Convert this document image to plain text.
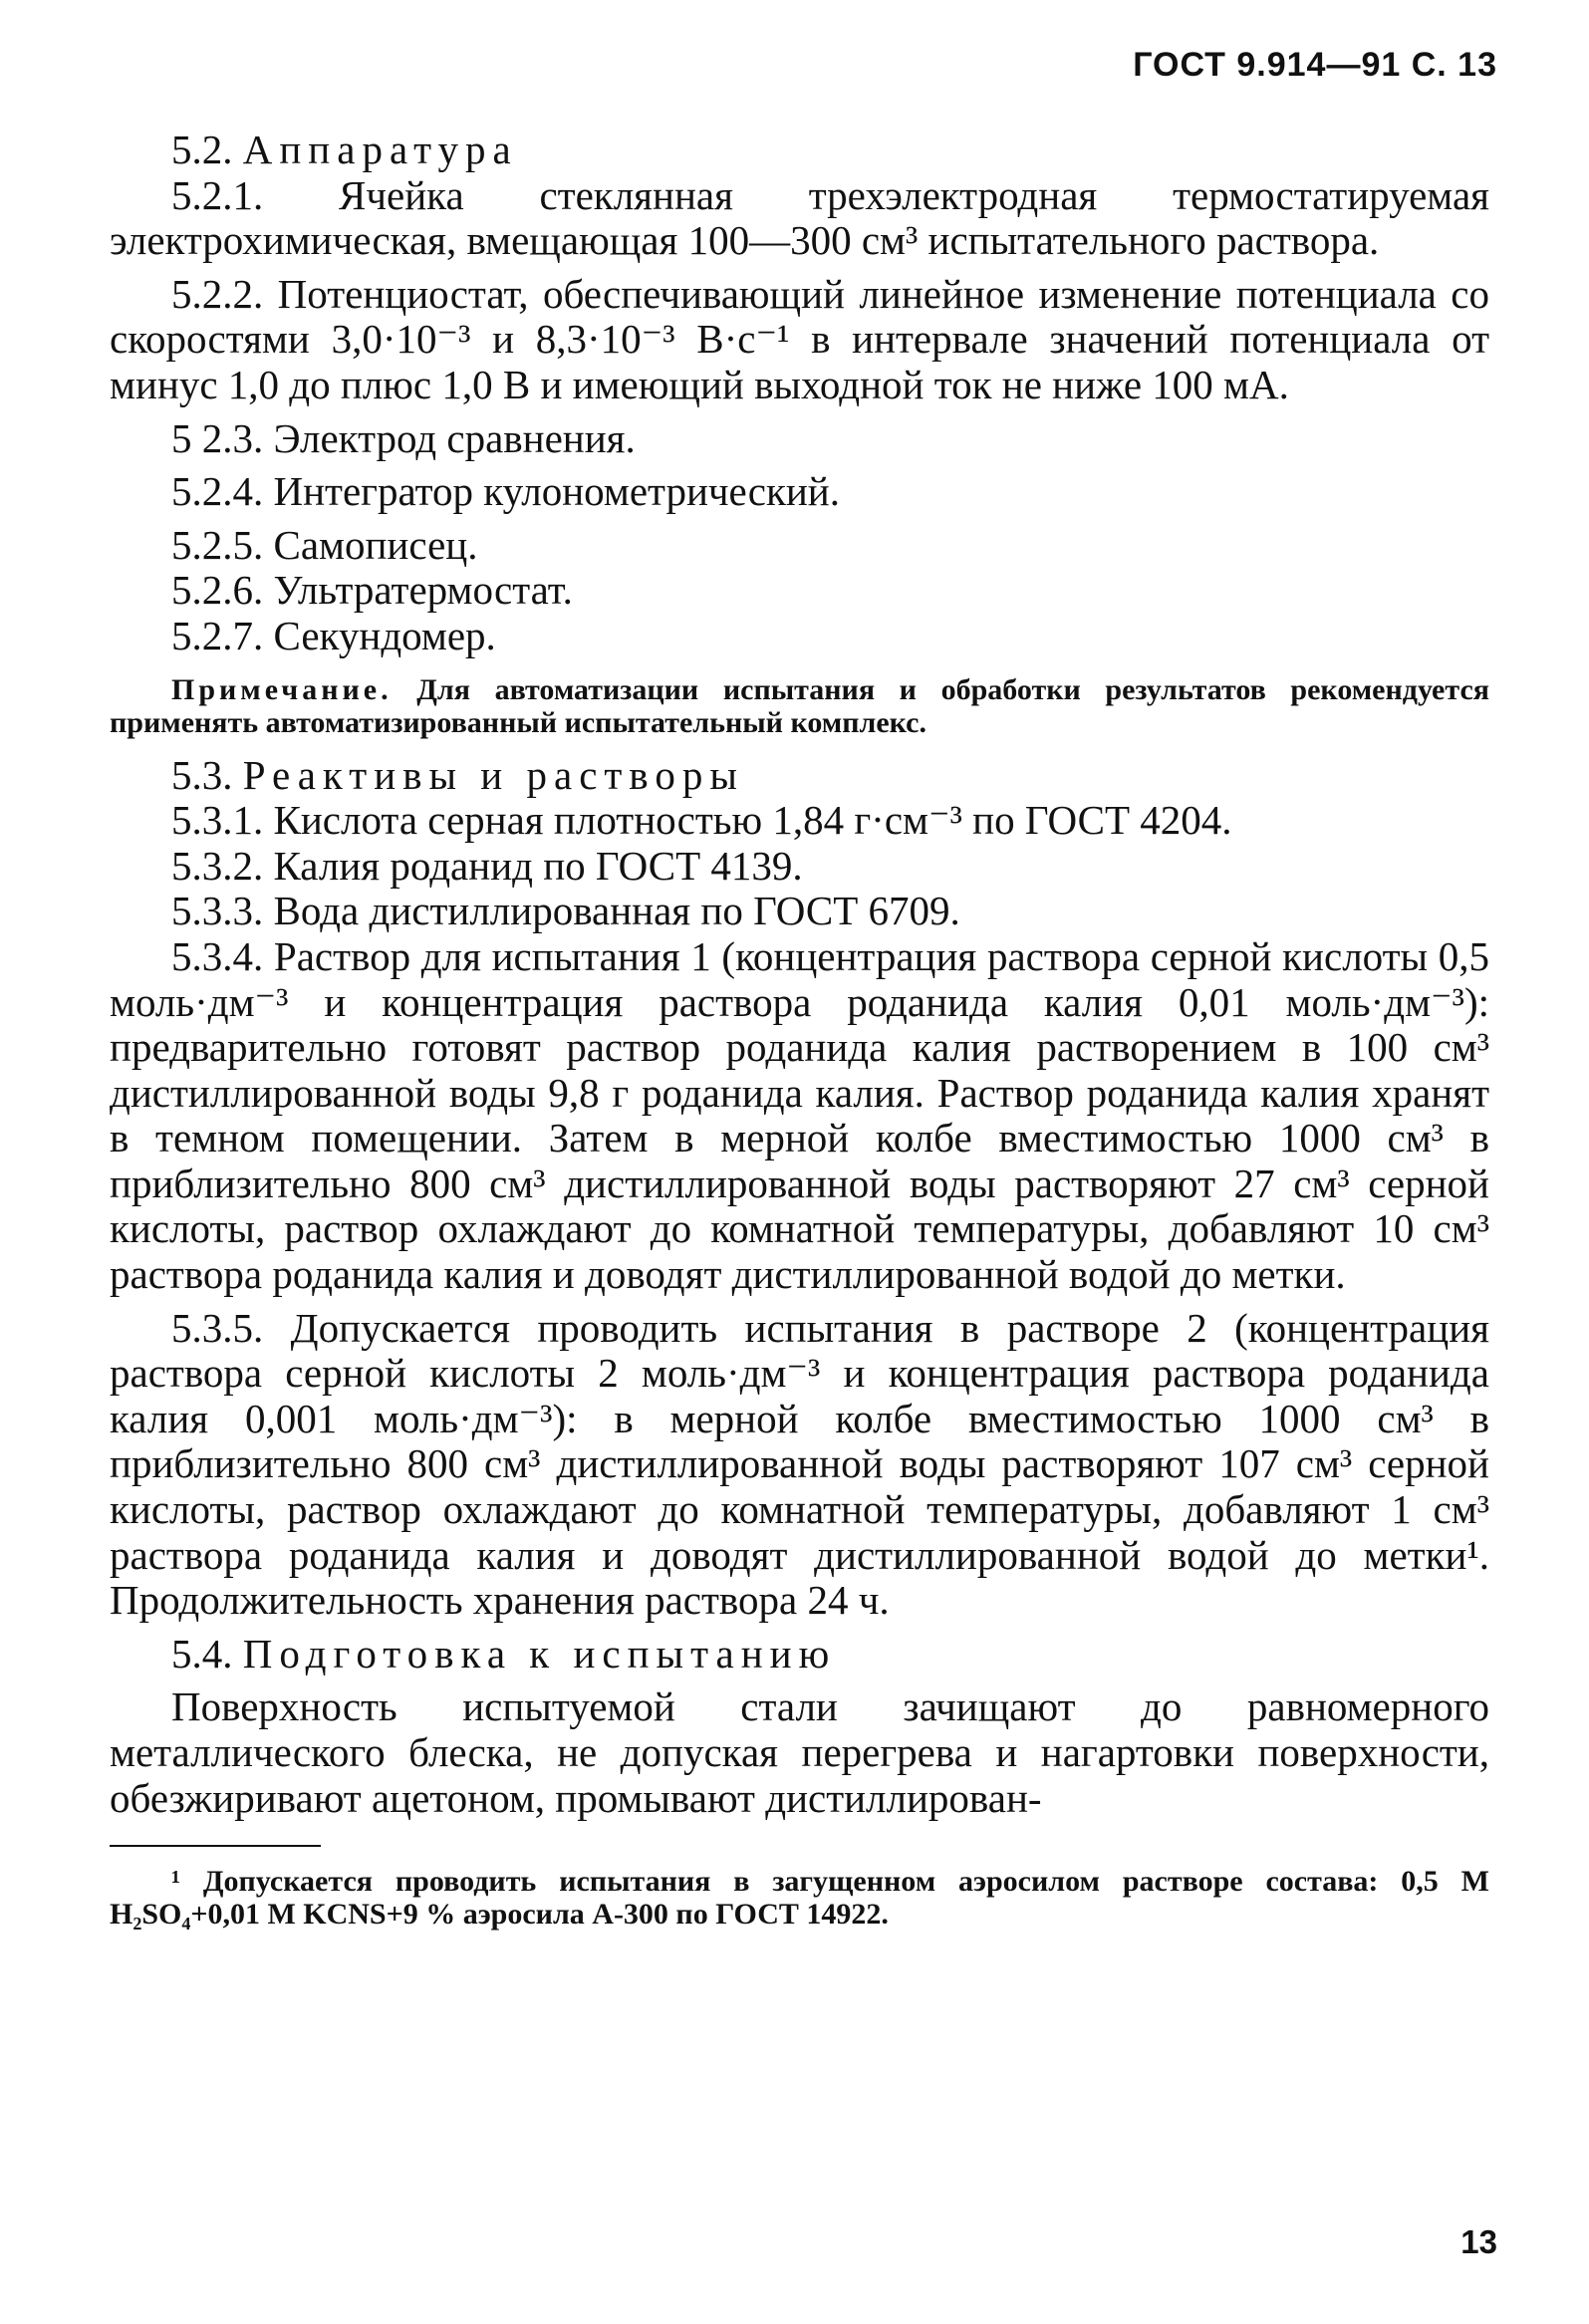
ГОСТ 9.914—91 С. 13

5.2. Аппаратура

5.2.1. Ячейка стеклянная трехэлектродная термостатируемая электрохимическая, вмещающая 100—300 см³ испытательного раствора.

5.2.2. Потенциостат, обеспечивающий линейное изменение потенциала со скоростями 3,0·10⁻³ и 8,3·10⁻³ В·с⁻¹ в интервале значений потенциала от минус 1,0 до плюс 1,0 В и имеющий выходной ток не ниже 100 мА.

5 2.3. Электрод сравнения.

5.2.4. Интегратор кулонометрический.

5.2.5. Самописец.

5.2.6. Ультратермостат.

5.2.7. Секундомер.

Примечание. Для автоматизации испытания и обработки результатов рекомендуется применять автоматизированный испытательный комплекс.

5.3. Реактивы и растворы

5.3.1. Кислота серная плотностью 1,84 г·см⁻³ по ГОСТ 4204.

5.3.2. Калия роданид по ГОСТ 4139.

5.3.3. Вода дистиллированная по ГОСТ 6709.

5.3.4. Раствор для испытания 1 (концентрация раствора серной кислоты 0,5 моль·дм⁻³ и концентрация раствора роданида калия 0,01 моль·дм⁻³): предварительно готовят раствор роданида калия растворением в 100 см³ дистиллированной воды 9,8 г роданида калия. Раствор роданида калия хранят в темном помещении. Затем в мерной колбе вместимостью 1000 см³ в приблизительно 800 см³ дистиллированной воды растворяют 27 см³ серной кислоты, раствор охлаждают до комнатной температуры, добавляют 10 см³ раствора роданида калия и доводят дистиллированной водой до метки.

5.3.5. Допускается проводить испытания в растворе 2 (концентрация раствора серной кислоты 2 моль·дм⁻³ и концентрация раствора роданида калия 0,001 моль·дм⁻³): в мерной колбе вместимостью 1000 см³ в приблизительно 800 см³ дистиллированной воды растворяют 107 см³ серной кислоты, раствор охлаждают до комнатной температуры, добавляют 1 см³ раствора роданида калия и доводят дистиллированной водой до метки¹. Продолжительность хранения раствора 24 ч.

5.4. Подготовка к испытанию

Поверхность испытуемой стали зачищают до равномерного металлического блеска, не допуская перегрева и нагартовки поверхности, обезжиривают ацетоном, промывают дистиллирован-

¹ Допускается проводить испытания в загущенном аэросилом растворе состава: 0,5 М H₂SO₄+0,01 М KCNS+9 % аэросила А-300 по ГОСТ 14922.

13
